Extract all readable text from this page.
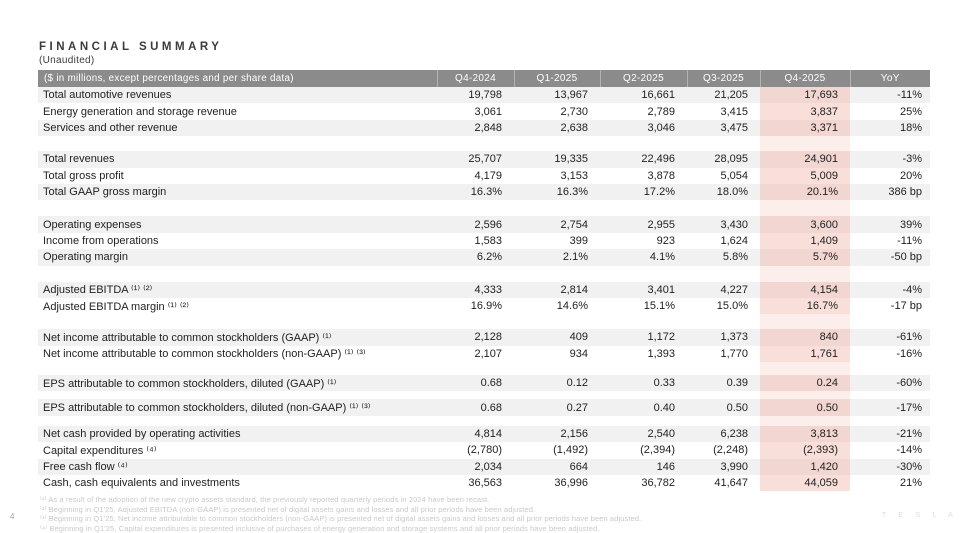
FINANCIAL SUMMARY
(Unaudited)
($ in millions, except percentages and per share data)	Q4-2024	Q1-2025	Q2-2025	Q3-2025	Q4-2025	YoY
Total automotive revenues	19,798	13,967	16,661	21,205	17,693	-11%
Energy generation and storage revenue	3,061	2,730	2,789	3,415	3,837	25%
Services and other revenue	2,848	2,638	3,046	3,475	3,371	18%

Total revenues	25,707	19,335	22,496	28,095	24,901	-3%
Total gross profit	4,179	3,153	3,878	5,054	5,009	20%
Total GAAP gross margin	16.3%	16.3%	17.2%	18.0%	20.1%	386 bp

Operating expenses	2,596	2,754	2,955	3,430	3,600	39%
Income from operations	1,583	399	923	1,624	1,409	-11%
Operating margin	6.2%	2.1%	4.1%	5.8%	5.7%	-50 bp

Adjusted EBITDA ⁽¹⁾ ⁽²⁾	4,333	2,814	3,401	4,227	4,154	-4%
Adjusted EBITDA margin ⁽¹⁾ ⁽²⁾	16.9%	14.6%	15.1%	15.0%	16.7%	-17 bp

Net income attributable to common stockholders (GAAP) ⁽¹⁾	2,128	409	1,172	1,373	840	-61%
Net income attributable to common stockholders (non-GAAP) ⁽¹⁾ ⁽³⁾	2,107	934	1,393	1,770	1,761	-16%

EPS attributable to common stockholders, diluted (GAAP) ⁽¹⁾	0.68	0.12	0.33	0.39	0.24	-60%

EPS attributable to common stockholders, diluted (non-GAAP) ⁽¹⁾ ⁽³⁾	0.68	0.27	0.40	0.50	0.50	-17%

Net cash provided by operating activities	4,814	2,156	2,540	6,238	3,813	-21%
Capital expenditures ⁽⁴⁾	(2,780)	(1,492)	(2,394)	(2,248)	(2,393)	-14%
Free cash flow ⁽⁴⁾	2,034	664	146	3,990	1,420	-30%
Cash, cash equivalents and investments	36,563	36,996	36,782	41,647	44,059	21%
⁽¹⁾ As a result of the adoption of the new crypto assets standard, the previously reported quarterly periods in 2024 have been recast.
⁽²⁾ Beginning in Q1'25, Adjusted EBITDA (non-GAAP) is presented net of digital assets gains and losses and all prior periods have been adjusted.
⁽³⁾ Beginning in Q1'25, Net income attributable to common stockholders (non-GAAP) is presented net of digital assets gains and losses and all prior periods have been adjusted.
⁽⁴⁾ Beginning in Q1'25, Capital expenditures is presented inclusive of purchases of energy generation and storage systems and all prior periods have been adjusted.
4	T E S L A
